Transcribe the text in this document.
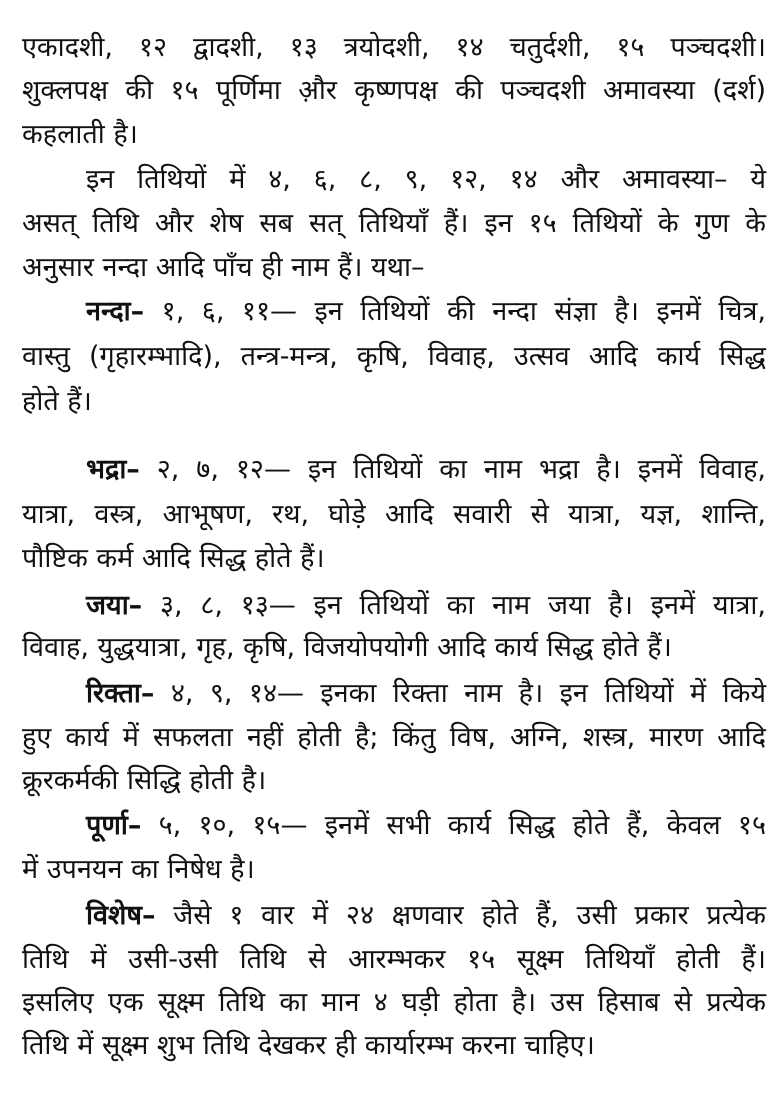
एकादशी, १२ द्वादशी, १३ त्रयोदशी, १४ चतुर्दशी, १५ पञ्चदशी।
शुक्लपक्ष की १५ पूर्णिमा औ़र कृष्णपक्ष की पञ्चदशी अमावस्या (दर्श)
कहलाती है।
इन तिथियों में ४, ६, ८, ९, १२, १४ और अमावस्या– ये
असत् तिथि और शेष सब सत् तिथियाँ हैं। इन १५ तिथियों के गुण के
अनुसार नन्दा आदि पाँच ही नाम हैं। यथा–
नन्दा– १, ६, ११— इन तिथियों की नन्दा संज्ञा है। इनमें चित्र,
वास्तु (गृहारम्भादि), तन्त्र-मन्त्र, कृषि, विवाह, उत्सव आदि कार्य सिद्ध
होते हैं।
भद्रा– २, ७, १२— इन तिथियों का नाम भद्रा है। इनमें विवाह,
यात्रा, वस्त्र, आभूषण, रथ, घोड़े आदि सवारी से यात्रा, यज्ञ, शान्ति,
पौष्टिक कर्म आदि सिद्ध होते हैं।
जया– ३, ८, १३— इन तिथियों का नाम जया है। इनमें यात्रा,
विवाह, युद्धयात्रा, गृह, कृषि, विजयोपयोगी आदि कार्य सिद्ध होते हैं।
रिक्ता– ४, ९, १४— इनका रिक्ता नाम है। इन तिथियों में किये
हुए कार्य में सफलता नहीं होती है; किंतु विष, अग्नि, शस्त्र, मारण आदि
क्रूरकर्मकी सिद्धि होती है।
पूर्णा– ५, १०, १५— इनमें सभी कार्य सिद्ध होते हैं, केवल १५
में उपनयन का निषेध है।
विशेष– जैसे १ वार में २४ क्षणवार होते हैं, उसी प्रकार प्रत्येक
तिथि में उसी-उसी तिथि से आरम्भकर १५ सूक्ष्म तिथियाँ होती हैं।
इसलिए एक सूक्ष्म तिथि का मान ४ घड़ी होता है। उस हिसाब से प्रत्येक
तिथि में सूक्ष्म शुभ तिथि देखकर ही कार्यारम्भ करना चाहिए।
